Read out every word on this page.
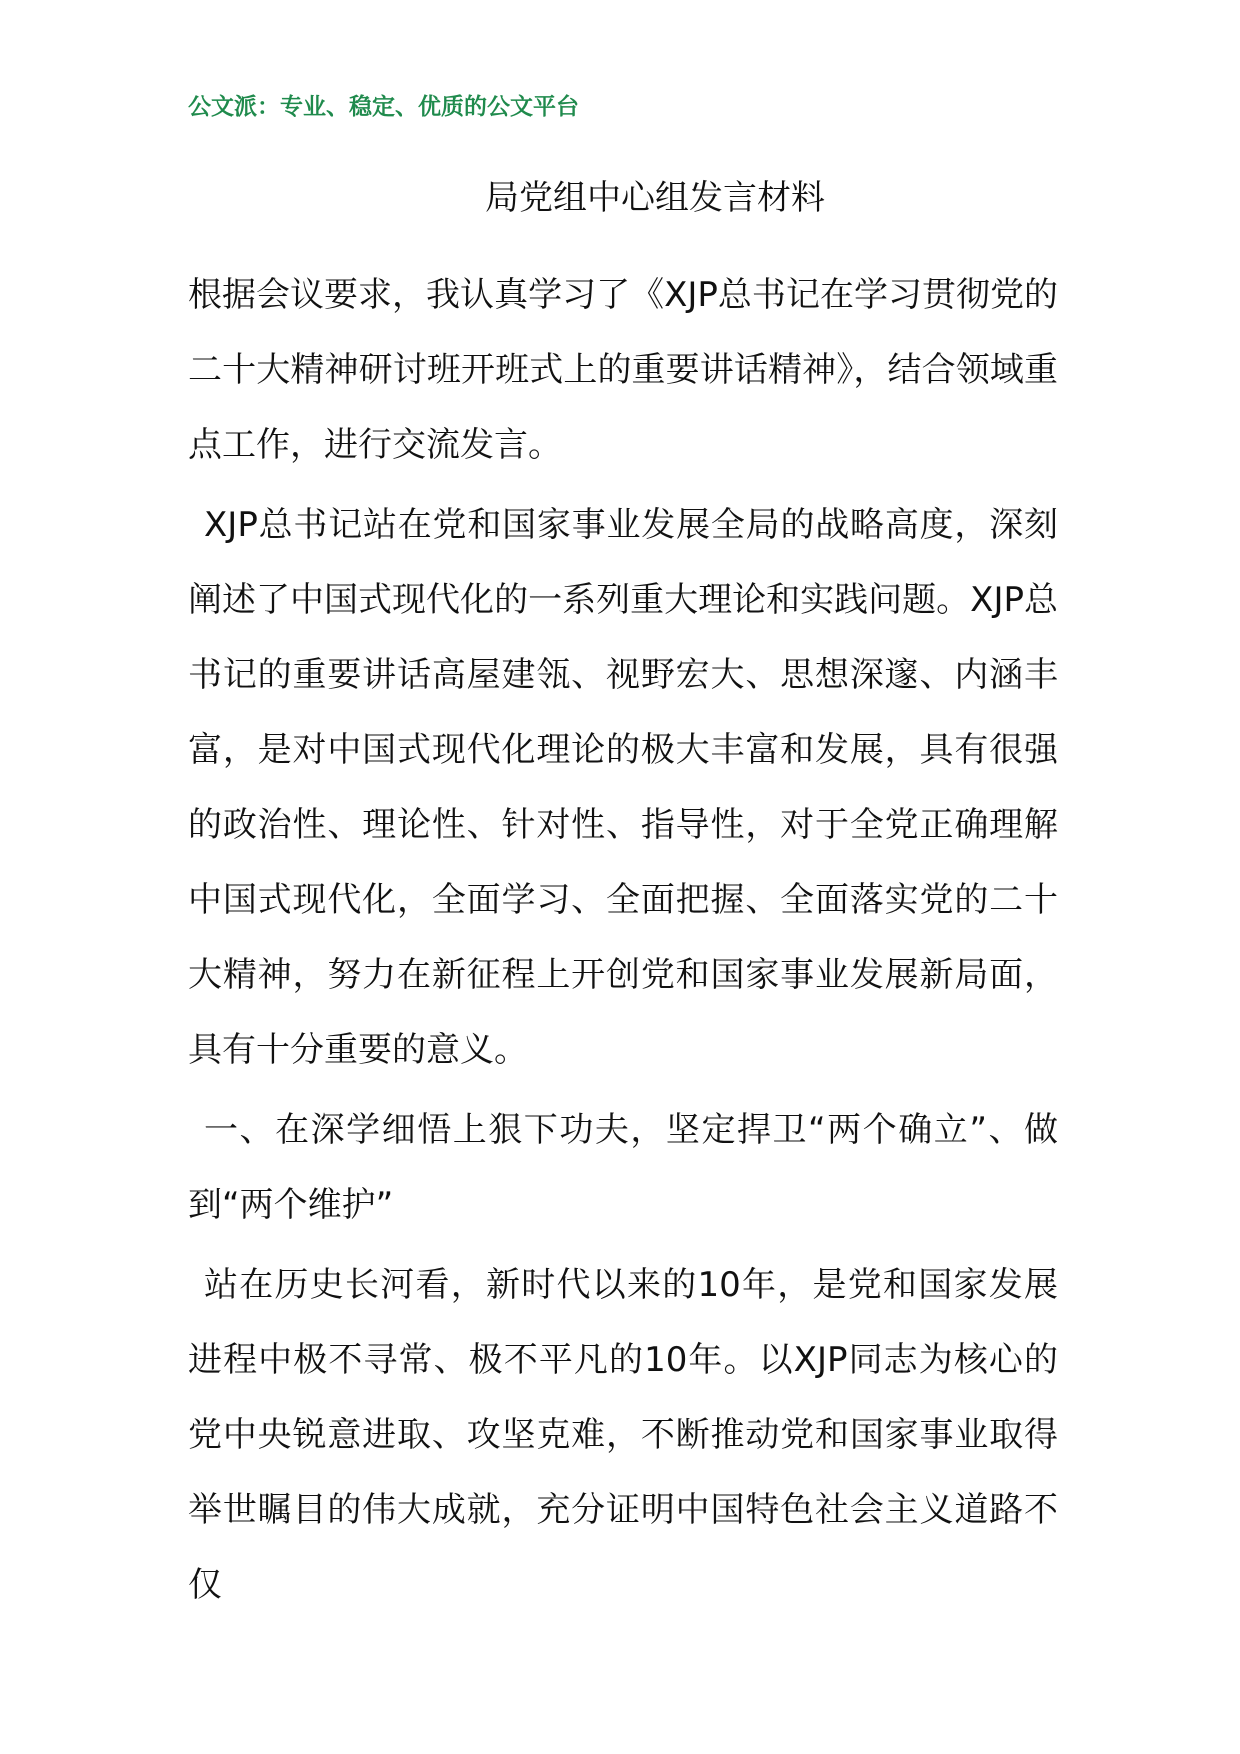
公文派：专业、稳定、优质的公文平台
局党组中心组发言材料

根据会议要求，我认真学习了《XJP总书记在学习贯彻党的二十大精神研讨班开班式上的重要讲话精神》，结合领域重点工作，进行交流发言。

XJP总书记站在党和国家事业发展全局的战略高度，深刻阐述了中国式现代化的一系列重大理论和实践问题。XJP总书记的重要讲话高屋建瓴、视野宏大、思想深邃、内涵丰富，是对中国式现代化理论的极大丰富和发展，具有很强的政治性、理论性、针对性、指导性，对于全党正确理解中国式现代化，全面学习、全面把握、全面落实党的二十大精神，努力在新征程上开创党和国家事业发展新局面，具有十分重要的意义。

一、在深学细悟上狠下功夫，坚定捍卫“两个确立”、做到“两个维护”

站在历史长河看，新时代以来的10年，是党和国家发展进程中极不寻常、极不平凡的10年。以XJP同志为核心的党中央锐意进取、攻坚克难，不断推动党和国家事业取得举世瞩目的伟大成就，充分证明中国特色社会主义道路不仅
